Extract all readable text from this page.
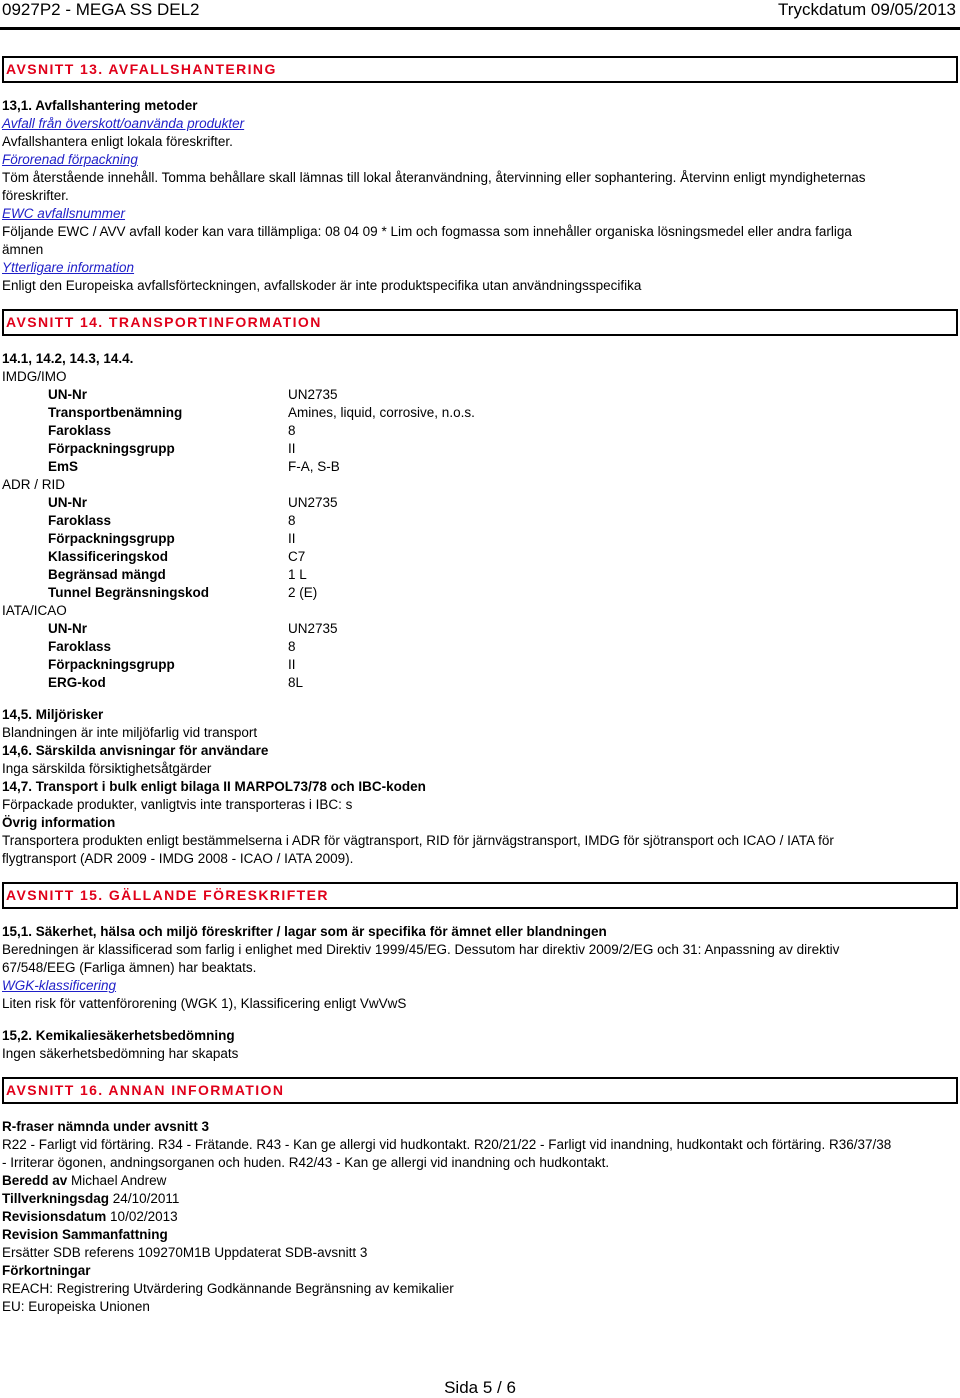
0927P2 - MEGA SS DEL2	Tryckdatum 09/05/2013
AVSNITT 13. AVFALLSHANTERING
13,1. Avfallshantering metoder
Avfall från överskott/oanvända produkter
Avfallshantera enligt lokala föreskrifter.
Förorenad förpackning
Töm återstående innehåll. Tomma behållare skall lämnas till lokal återanvändning, återvinning eller sophantering. Återvinn enligt myndigheternas
föreskrifter.
EWC avfallsnummer
Följande EWC / AVV avfall koder kan vara tillämpliga: 08 04 09 * Lim och fogmassa som innehåller organiska lösningsmedel eller andra farliga
ämnen
Ytterligare information
Enligt den Europeiska avfallsförteckningen, avfallskoder är inte produktspecifika utan användningsspecifika
AVSNITT 14. TRANSPORTINFORMATION
14.1, 14.2, 14.3, 14.4.
IMDG/IMO
UN-Nr	UN2735
Transportbenämning	Amines, liquid, corrosive, n.o.s.
Faroklass	8
Förpackningsgrupp	II
EmS	F-A, S-B
ADR / RID
UN-Nr	UN2735
Faroklass	8
Förpackningsgrupp	II
Klassificeringskod	C7
Begränsad mängd	1 L
Tunnel Begränsningskod	2 (E)
IATA/ICAO
UN-Nr	UN2735
Faroklass	8
Förpackningsgrupp	II
ERG-kod	8L
14,5. Miljörisker
Blandningen är inte miljöfarlig vid transport
14,6. Särskilda anvisningar för användare
Inga särskilda försiktighetsåtgärder
14,7. Transport i bulk enligt bilaga II MARPOL73/78 och IBC-koden
Förpackade produkter, vanligtvis inte transporteras i IBC: s
Övrig information
Transportera produkten enligt bestämmelserna i ADR för vägtransport, RID för järnvägstransport, IMDG för sjötransport och ICAO / IATA för
flygtransport (ADR 2009 - IMDG 2008 - ICAO / IATA 2009).
AVSNITT 15. GÄLLANDE FÖRESKRIFTER
15,1. Säkerhet, hälsa och miljö föreskrifter / lagar som är specifika för ämnet eller blandningen
Beredningen är klassificerad som farlig i enlighet med Direktiv 1999/45/EG. Dessutom har direktiv 2009/2/EG och 31: Anpassning av direktiv
67/548/EEG (Farliga ämnen) har beaktats.
WGK-klassificering
Liten risk för vattenförorening (WGK 1), Klassificering enligt VwVwS
15,2. Kemikaliesäkerhetsbedömning
Ingen säkerhetsbedömning har skapats
AVSNITT 16. ANNAN INFORMATION
R-fraser nämnda under avsnitt 3
R22 - Farligt vid förtäring. R34 - Frätande. R43 - Kan ge allergi vid hudkontakt. R20/21/22 - Farligt vid inandning, hudkontakt och förtäring. R36/37/38
- Irriterar ögonen, andningsorganen och huden. R42/43 - Kan ge allergi vid inandning och hudkontakt.
Beredd av Michael Andrew
Tillverkningsdag 24/10/2011
Revisionsdatum 10/02/2013
Revision Sammanfattning
Ersätter SDB referens 109270M1B Uppdaterat SDB-avsnitt 3
Förkortningar
REACH: Registrering Utvärdering Godkännande Begränsning av kemikalier
EU: Europeiska Unionen
Sida 5 / 6
